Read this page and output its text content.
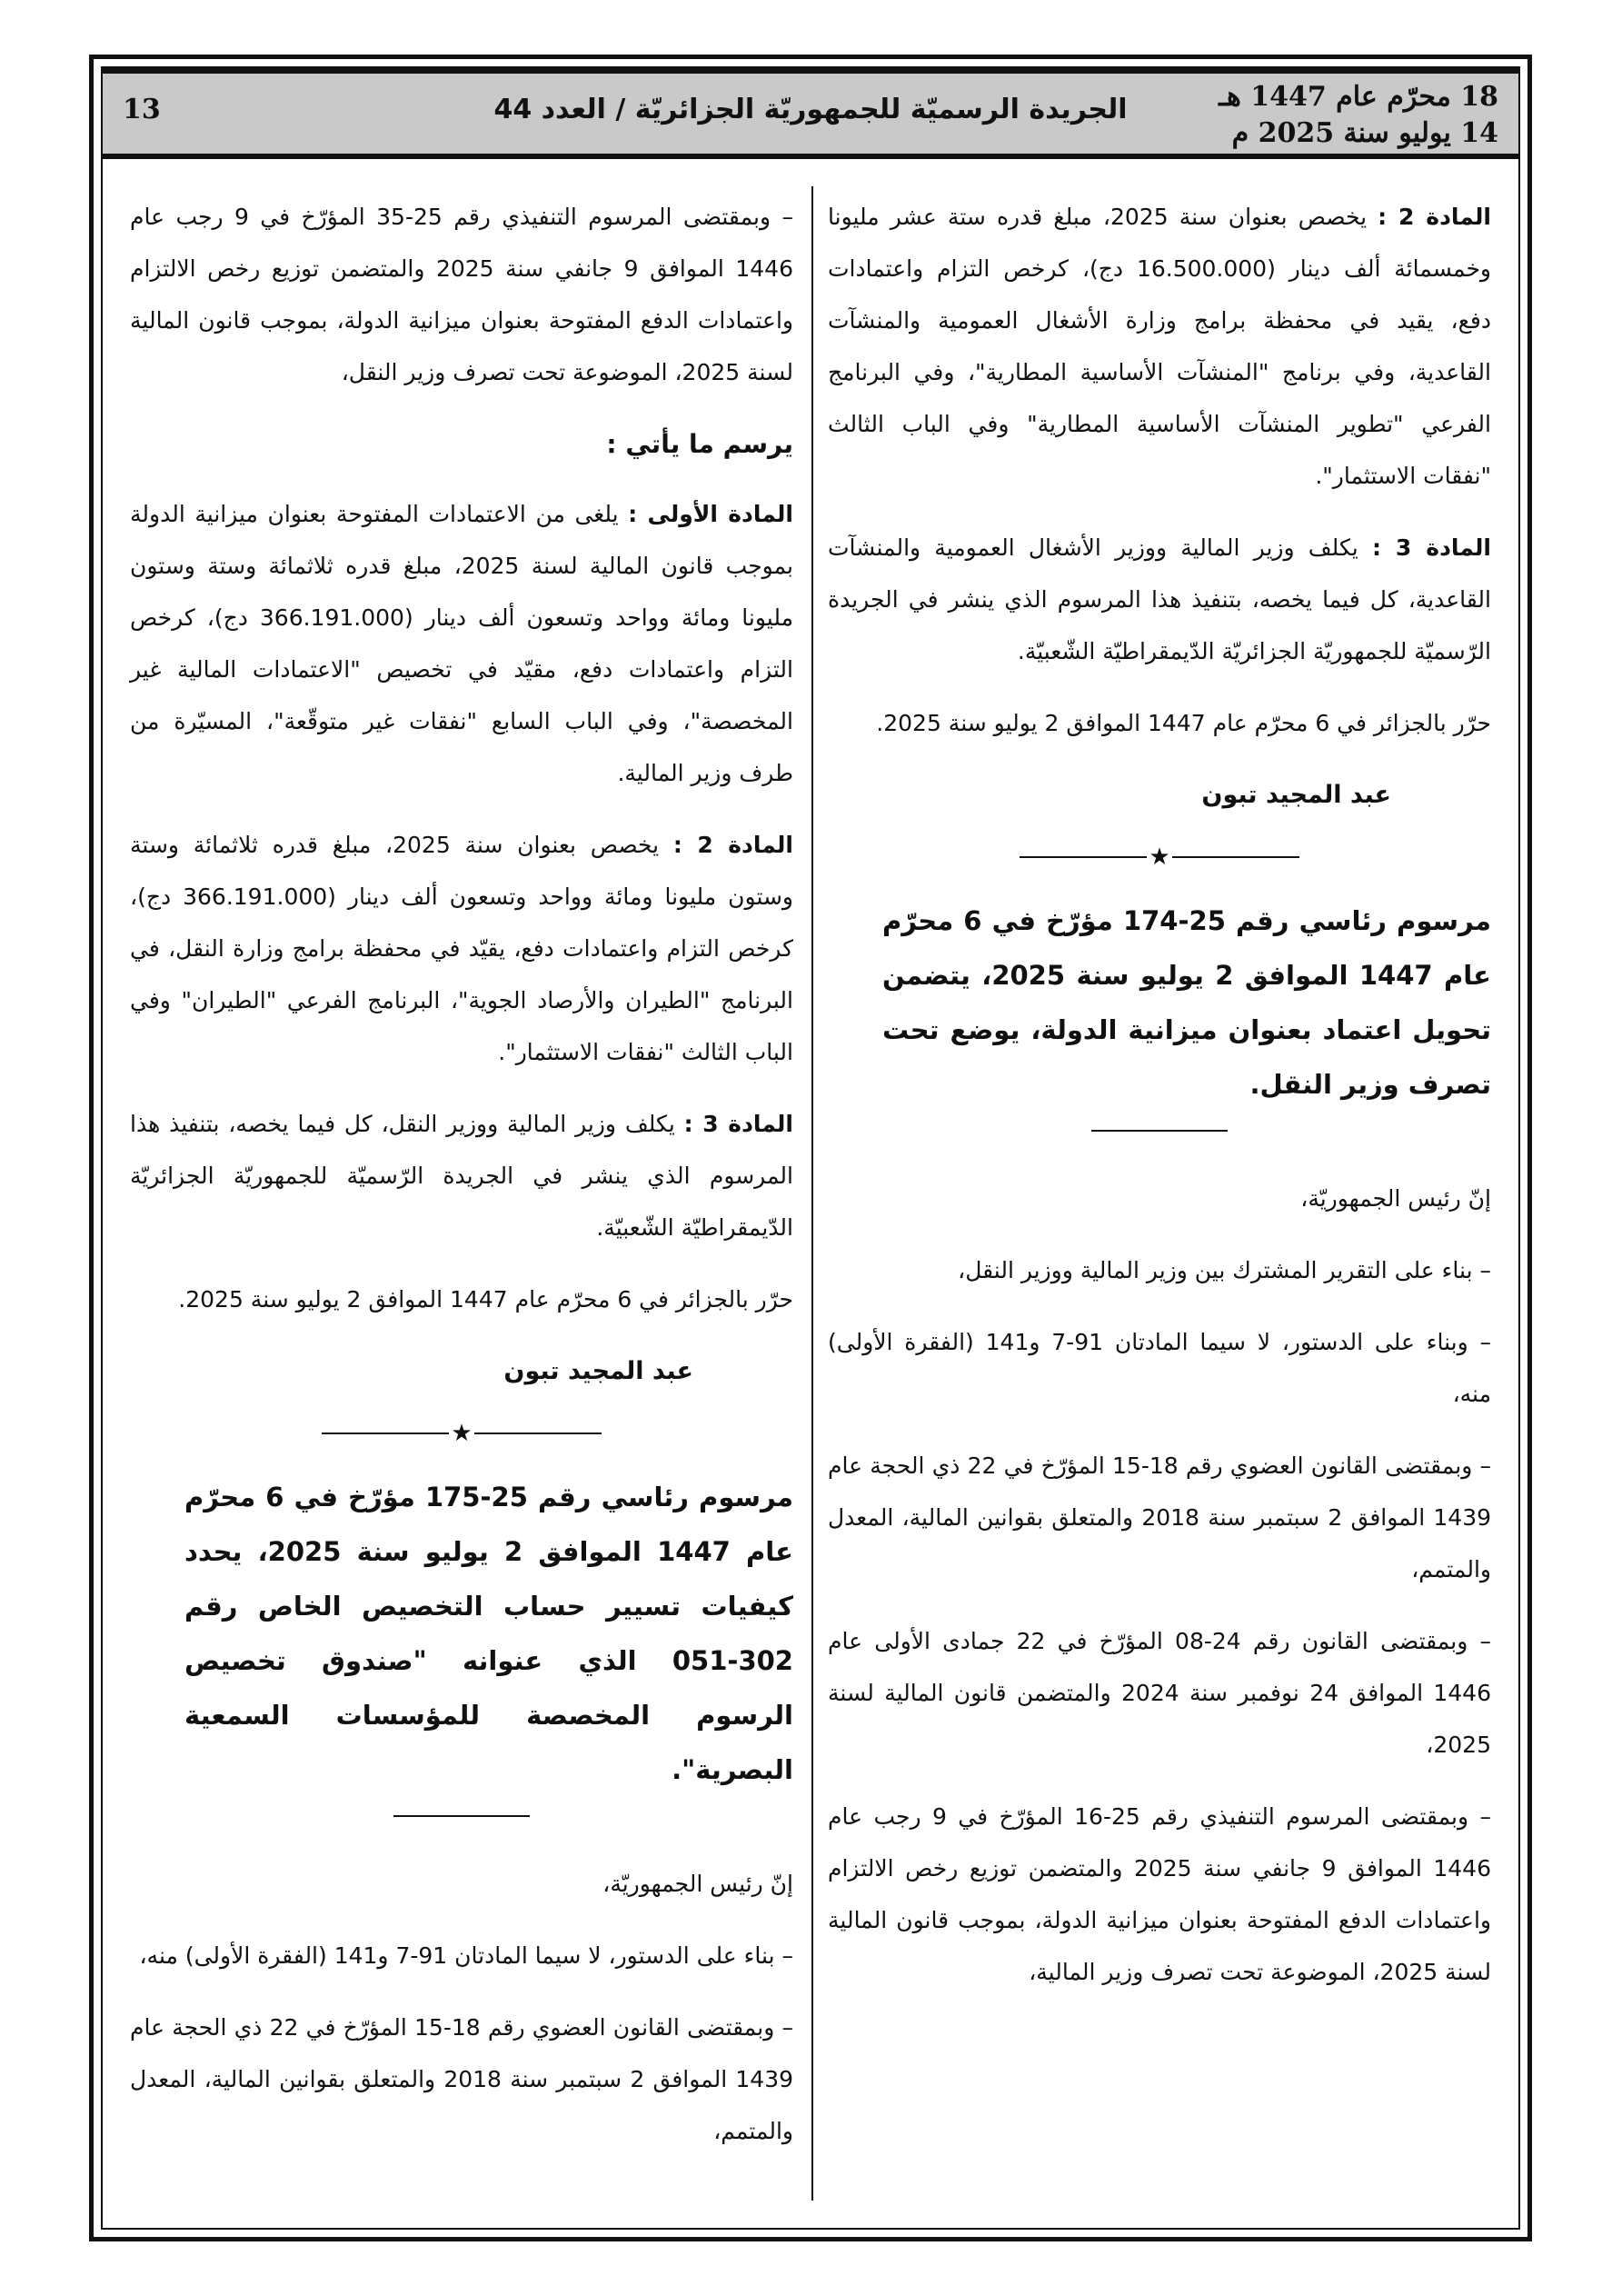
18 محرّم عام 1447 هـ
14 يوليو سنة 2025 م
الجريدة الرسميّة للجمهوريّة الجزائريّة / العدد 44
13

المادة 2 : يخصص بعنوان سنة 2025، مبلغ قدره ستة عشر مليونا وخمسمائة ألف دينار (16.500.000 دج)، كرخص التزام واعتمادات دفع، يقيد في محفظة برامج وزارة الأشغال العمومية والمنشآت القاعدية، وفي برنامج "المنشآت الأساسية المطارية"، وفي البرنامج الفرعي "تطوير المنشآت الأساسية المطارية" وفي الباب الثالث "نفقات الاستثمار".

المادة 3 : يكلف وزير المالية ووزير الأشغال العمومية والمنشآت القاعدية، كل فيما يخصه، بتنفيذ هذا المرسوم الذي ينشر في الجريدة الرّسميّة للجمهوريّة الجزائريّة الدّيمقراطيّة الشّعبيّة.

حرّر بالجزائر في 6 محرّم عام 1447 الموافق 2 يوليو سنة 2025.

عبد المجيد تبون
★
مرسوم رئاسي رقم 25-174 مؤرّخ في 6 محرّم عام 1447 الموافق 2 يوليو سنة 2025، يتضمن تحويل اعتماد بعنوان ميزانية الدولة، يوضع تحت تصرف وزير النقل.

إنّ رئيس الجمهوريّة،

– بناء على التقرير المشترك بين وزير المالية ووزير النقل،

– وبناء على الدستور، لا سيما المادتان 91-7 و141 (الفقرة الأولى) منه،

– وبمقتضى القانون العضوي رقم 18-15 المؤرّخ في 22 ذي الحجة عام 1439 الموافق 2 سبتمبر سنة 2018 والمتعلق بقوانين المالية، المعدل والمتمم،

– وبمقتضى القانون رقم 24-08 المؤرّخ في 22 جمادى الأولى عام 1446 الموافق 24 نوفمبر سنة 2024 والمتضمن قانون المالية لسنة 2025،

– وبمقتضى المرسوم التنفيذي رقم 25-16 المؤرّخ في 9 رجب عام 1446 الموافق 9 جانفي سنة 2025 والمتضمن توزيع رخص الالتزام واعتمادات الدفع المفتوحة بعنوان ميزانية الدولة، بموجب قانون المالية لسنة 2025، الموضوعة تحت تصرف وزير المالية،

– وبمقتضى المرسوم التنفيذي رقم 25-35 المؤرّخ في 9 رجب عام 1446 الموافق 9 جانفي سنة 2025 والمتضمن توزيع رخص الالتزام واعتمادات الدفع المفتوحة بعنوان ميزانية الدولة، بموجب قانون المالية لسنة 2025، الموضوعة تحت تصرف وزير النقل،

يرسم ما يأتي :

المادة الأولى : يلغى من الاعتمادات المفتوحة بعنوان ميزانية الدولة بموجب قانون المالية لسنة 2025، مبلغ قدره ثلاثمائة وستة وستون مليونا ومائة وواحد وتسعون ألف دينار (366.191.000 دج)، كرخص التزام واعتمادات دفع، مقيّد في تخصيص "الاعتمادات المالية غير المخصصة"، وفي الباب السابع "نفقات غير متوقّعة"، المسيّرة من طرف وزير المالية.

المادة 2 : يخصص بعنوان سنة 2025، مبلغ قدره ثلاثمائة وستة وستون مليونا ومائة وواحد وتسعون ألف دينار (366.191.000 دج)، كرخص التزام واعتمادات دفع، يقيّد في محفظة برامج وزارة النقل، في البرنامج "الطيران والأرصاد الجوية"، البرنامج الفرعي "الطيران" وفي الباب الثالث "نفقات الاستثمار".

المادة 3 : يكلف وزير المالية ووزير النقل، كل فيما يخصه، بتنفيذ هذا المرسوم الذي ينشر في الجريدة الرّسميّة للجمهوريّة الجزائريّة الدّيمقراطيّة الشّعبيّة.

حرّر بالجزائر في 6 محرّم عام 1447 الموافق 2 يوليو سنة 2025.

عبد المجيد تبون
★
مرسوم رئاسي رقم 25-175 مؤرّخ في 6 محرّم عام 1447 الموافق 2 يوليو سنة 2025، يحدد كيفيات تسيير حساب التخصيص الخاص رقم 302-051 الذي عنوانه "صندوق تخصيص الرسوم المخصصة للمؤسسات السمعية البصرية".

إنّ رئيس الجمهوريّة،

– بناء على الدستور، لا سيما المادتان 91-7 و141 (الفقرة الأولى) منه،

– وبمقتضى القانون العضوي رقم 18-15 المؤرّخ في 22 ذي الحجة عام 1439 الموافق 2 سبتمبر سنة 2018 والمتعلق بقوانين المالية، المعدل والمتمم،
